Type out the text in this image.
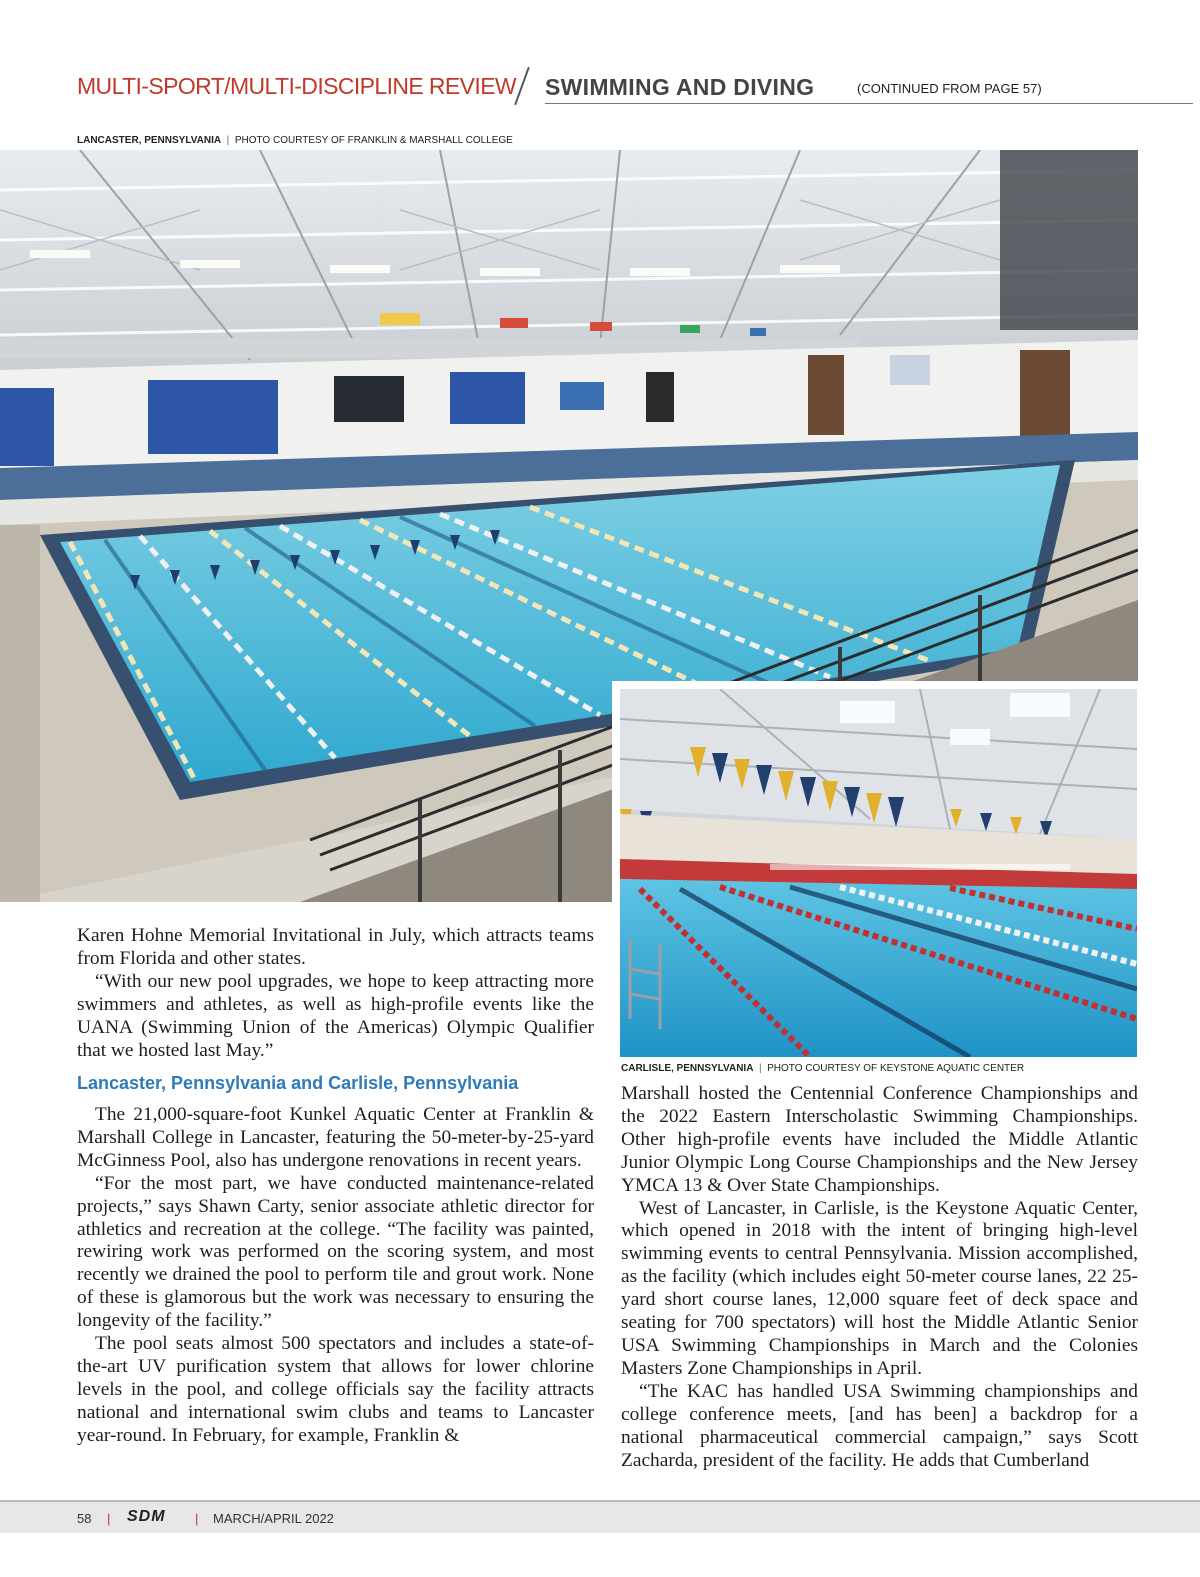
MULTI-SPORT/MULTI-DISCIPLINE REVIEW SWIMMING AND DIVING	(CONTINUED FROM PAGE 57)
LANCASTER, PENNSYLVANIA  |  PHOTO COURTESY OF FRANKLIN & MARSHALL COLLEGE
CARLISLE, PENNSYLVANIA  |  PHOTO COURTESY OF KEYSTONE AQUATIC CENTER

Karen Hohne Memorial Invitational in July, which attracts teams from Florida and other states.

“With our new pool upgrades, we hope to keep attracting more swimmers and athletes, as well as high-profile events like the UANA (Swimming Union of the Americas) Olympic Qualifier that we hosted last May.”

Lancaster, Pennsylvania and Carlisle, Pennsylvania

The 21,000-square-foot Kunkel Aquatic Center at Franklin & Marshall College in Lancaster, featuring the 50-meter-by-25-yard McGinness Pool, also has undergone renovations in recent years.

“For the most part, we have conducted maintenance-related projects,” says Shawn Carty, senior associate athletic director for athletics and recreation at the college. “The facility was painted, rewiring work was performed on the scoring system, and most recently we drained the pool to perform tile and grout work. None of these is glamorous but the work was necessary to ensuring the longevity of the facility.”

The pool seats almost 500 spectators and includes a state-of-the-art UV purification system that allows for lower chlorine levels in the pool, and college officials say the facility attracts national and international swim clubs and teams to Lancaster year-round. In February, for example, Franklin &

Marshall hosted the Centennial Conference Championships and the 2022 Eastern Interscholastic Swimming Championships. Other high-profile events have included the Middle Atlantic Junior Olympic Long Course Championships and the New Jersey YMCA 13 & Over State Championships.

West of Lancaster, in Carlisle, is the Keystone Aquatic Center, which opened in 2018 with the intent of bringing high-level swimming events to central Pennsylvania. Mission accomplished, as the facility (which includes eight 50-meter course lanes, 22 25-yard short course lanes, 12,000 square feet of deck space and seating for 700 spectators) will host the Middle Atlantic Senior USA Swimming Championships in March and the Colonies Masters Zone Championships in April.

“The KAC has handled USA Swimming championships and college conference meets, [and has been] a backdrop for a national pharmaceutical commercial campaign,” says Scott Zacharda, president of the facility. He adds that Cumberland

58 | SDM | MARCH/APRIL 2022
